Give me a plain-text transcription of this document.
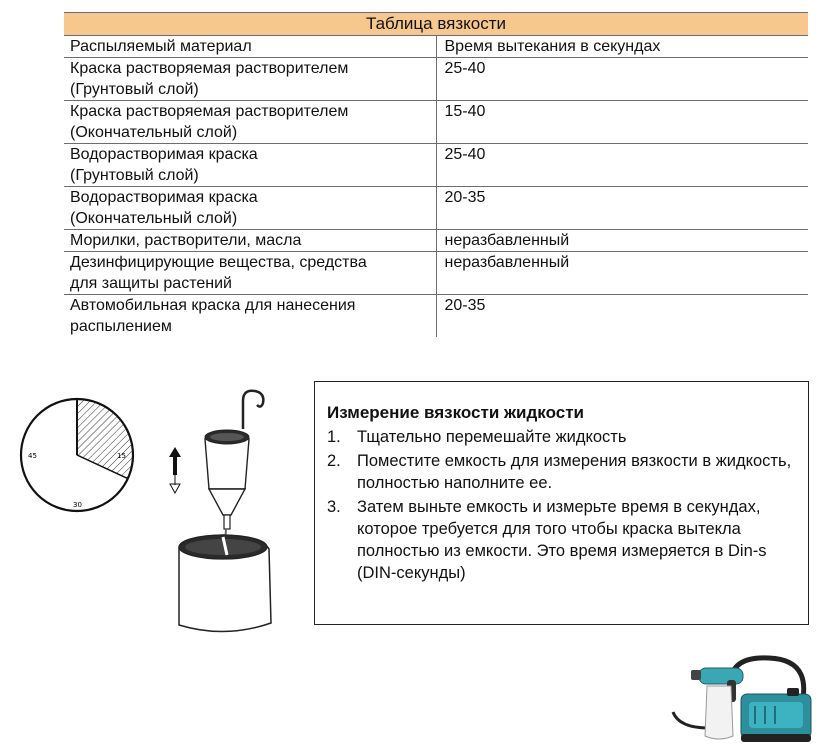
Таблица вязкости	
Распыляемый материал	Время вытекания в секундах
Краска растворяемая растворителем
(Грунтовый слой)	25-40
Краска растворяемая растворителем
(Окончательный слой)	15-40
Водорастворимая краска
(Грунтовый слой)	25-40
Водорастворимая краска
(Окончательный слой)	20-35
Морилки, растворители, масла	неразбавленный
Дезинфицирующие вещества, средства
для защиты растений	неразбавленный
Автомобильная краска для нанесения
распылением	20-35
15
30
45
Измерение вязкости жидкости
1. Тщательно перемешайте жидкость
2. Поместите емкость для измерения вязкости в жидкость, полностью наполните ее.
3. Затем выньте емкость и измерьте время в секундах, которое требуется для того чтобы краска вытекла полностью из емкости. Это время измеряется в Din-s (DIN-секунды)
